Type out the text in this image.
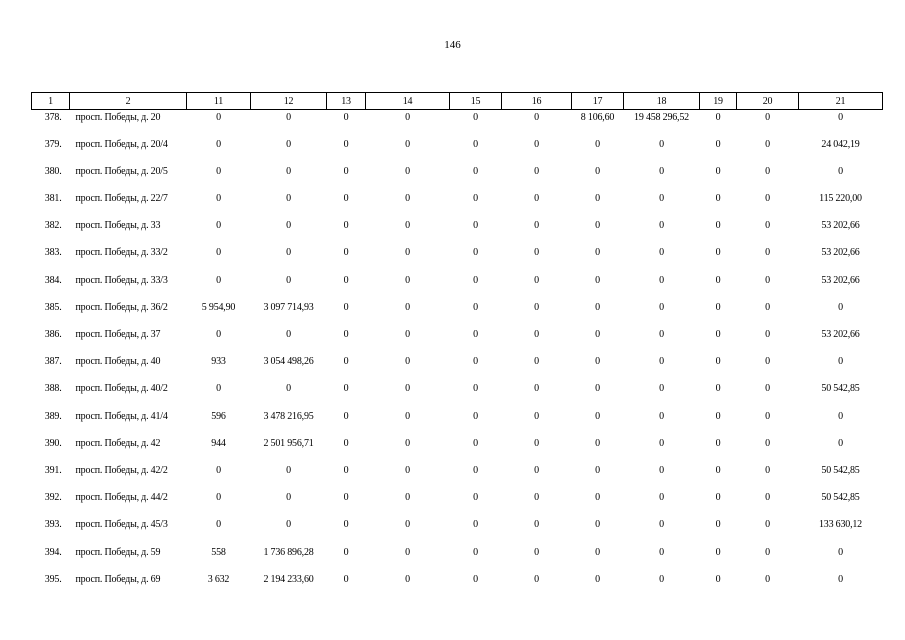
146
1	2	11	12	13	14	15	16	17	18	19	20	21
378.	просп. Победы, д. 20	0	0	0	0	0	0	8 106,60	19 458 296,52	0	0	0
379.	просп. Победы, д. 20/4	0	0	0	0	0	0	0	0	0	0	24 042,19
380.	просп. Победы, д. 20/5	0	0	0	0	0	0	0	0	0	0	0
381.	просп. Победы, д. 22/7	0	0	0	0	0	0	0	0	0	0	115 220,00
382.	просп. Победы, д. 33	0	0	0	0	0	0	0	0	0	0	53 202,66
383.	просп. Победы, д. 33/2	0	0	0	0	0	0	0	0	0	0	53 202,66
384.	просп. Победы, д. 33/3	0	0	0	0	0	0	0	0	0	0	53 202,66
385.	просп. Победы, д. 36/2	5 954,90	3 097 714,93	0	0	0	0	0	0	0	0	0
386.	просп. Победы, д. 37	0	0	0	0	0	0	0	0	0	0	53 202,66
387.	просп. Победы, д. 40	933	3 054 498,26	0	0	0	0	0	0	0	0	0
388.	просп. Победы, д. 40/2	0	0	0	0	0	0	0	0	0	0	50 542,85
389.	просп. Победы, д. 41/4	596	3 478 216,95	0	0	0	0	0	0	0	0	0
390.	просп. Победы, д. 42	944	2 501 956,71	0	0	0	0	0	0	0	0	0
391.	просп. Победы, д. 42/2	0	0	0	0	0	0	0	0	0	0	50 542,85
392.	просп. Победы, д. 44/2	0	0	0	0	0	0	0	0	0	0	50 542,85
393.	просп. Победы, д. 45/3	0	0	0	0	0	0	0	0	0	0	133 630,12
394.	просп. Победы, д. 59	558	1 736 896,28	0	0	0	0	0	0	0	0	0
395.	просп. Победы, д. 69	3 632	2 194 233,60	0	0	0	0	0	0	0	0	0
